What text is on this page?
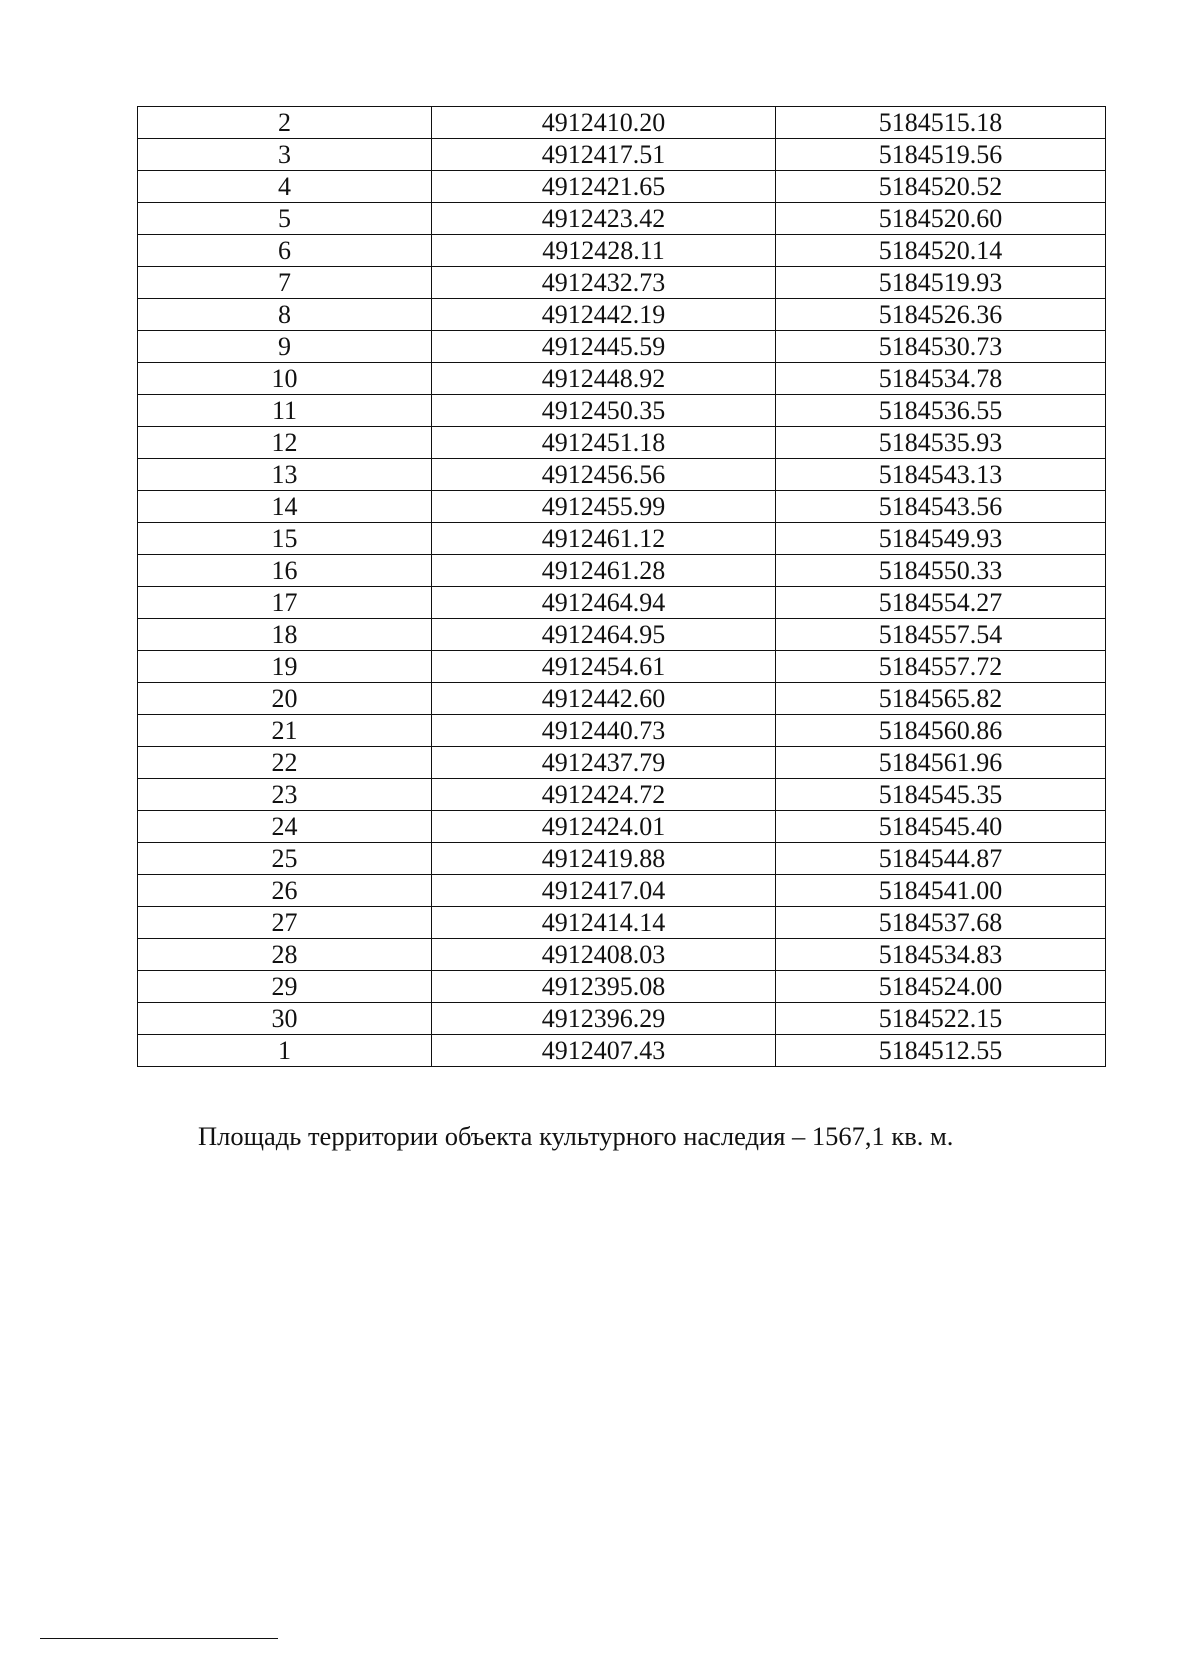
2	4912410.20	5184515.18
3	4912417.51	5184519.56
4	4912421.65	5184520.52
5	4912423.42	5184520.60
6	4912428.11	5184520.14
7	4912432.73	5184519.93
8	4912442.19	5184526.36
9	4912445.59	5184530.73
10	4912448.92	5184534.78
11	4912450.35	5184536.55
12	4912451.18	5184535.93
13	4912456.56	5184543.13
14	4912455.99	5184543.56
15	4912461.12	5184549.93
16	4912461.28	5184550.33
17	4912464.94	5184554.27
18	4912464.95	5184557.54
19	4912454.61	5184557.72
20	4912442.60	5184565.82
21	4912440.73	5184560.86
22	4912437.79	5184561.96
23	4912424.72	5184545.35
24	4912424.01	5184545.40
25	4912419.88	5184544.87
26	4912417.04	5184541.00
27	4912414.14	5184537.68
28	4912408.03	5184534.83
29	4912395.08	5184524.00
30	4912396.29	5184522.15
1	4912407.43	5184512.55
Площадь территории объекта культурного наследия – 1567,1 кв. м.
